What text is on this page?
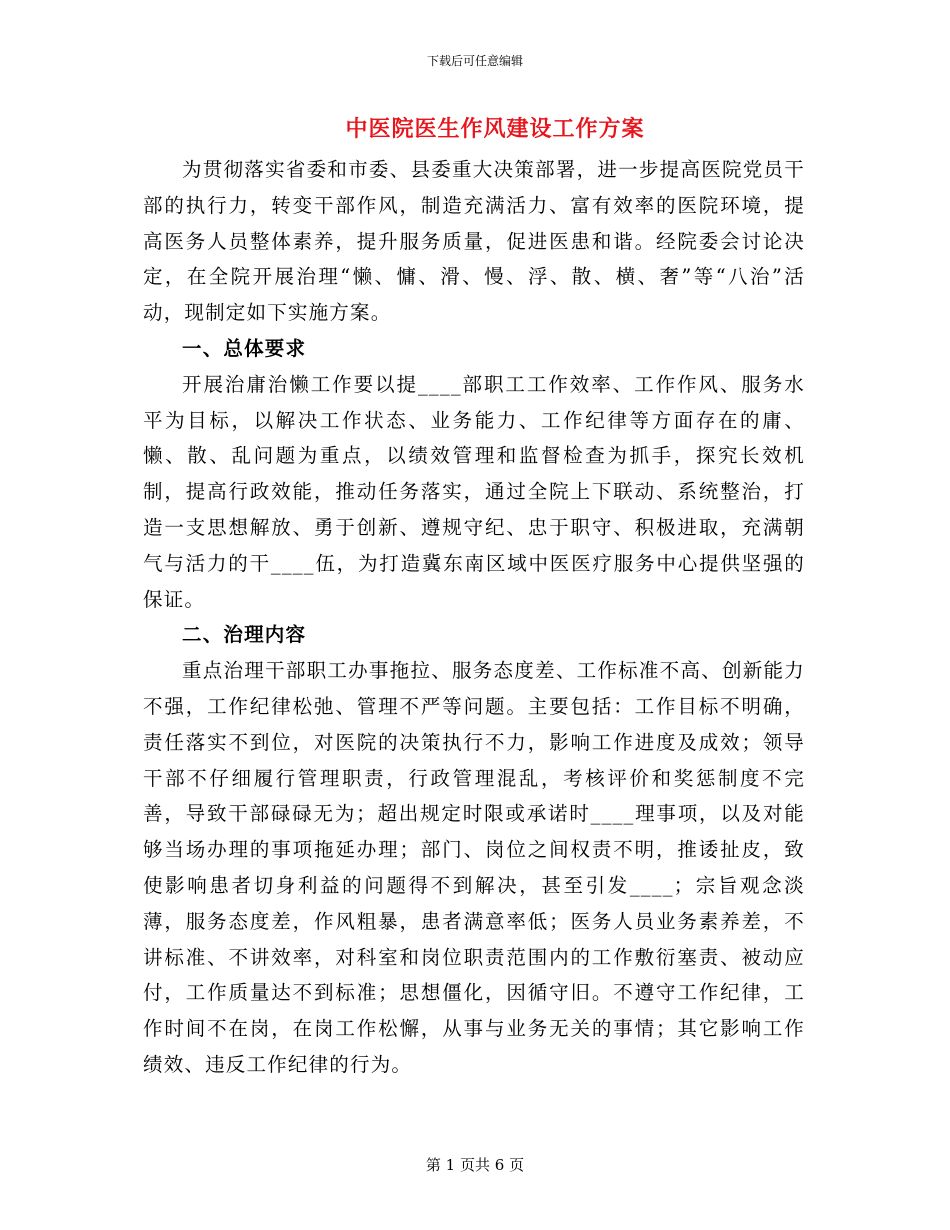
下载后可任意编辑
中医院医生作风建设工作方案

为贯彻落实省委和市委、县委重大决策部署，进一步提高医院党员干部的执行力，转变干部作风，制造充满活力、富有效率的医院环境，提高医务人员整体素养，提升服务质量，促进医患和谐。经院委会讨论决定，在全院开展治理“懒、慵、滑、慢、浮、散、横、奢”等“八治”活动，现制定如下实施方案。

一、总体要求

开展治庸治懒工作要以提____部职工工作效率、工作作风、服务水平为目标，以解决工作状态、业务能力、工作纪律等方面存在的庸、懒、散、乱问题为重点，以绩效管理和监督检查为抓手，探究长效机制，提高行政效能，推动任务落实，通过全院上下联动、系统整治，打造一支思想解放、勇于创新、遵规守纪、忠于职守、积极进取，充满朝气与活力的干____伍，为打造冀东南区域中医医疗服务中心提供坚强的保证。

二、治理内容

重点治理干部职工办事拖拉、服务态度差、工作标准不高、创新能力不强，工作纪律松弛、管理不严等问题。主要包括：工作目标不明确，责任落实不到位，对医院的决策执行不力，影响工作进度及成效；领导干部不仔细履行管理职责，行政管理混乱，考核评价和奖惩制度不完善，导致干部碌碌无为；超出规定时限或承诺时____理事项，以及对能够当场办理的事项拖延办理；部门、岗位之间权责不明，推诿扯皮，致使影响患者切身利益的问题得不到解决，甚至引发____；宗旨观念淡薄，服务态度差，作风粗暴，患者满意率低；医务人员业务素养差，不讲标准、不讲效率，对科室和岗位职责范围内的工作敷衍塞责、被动应付，工作质量达不到标准；思想僵化，因循守旧。不遵守工作纪律，工作时间不在岗，在岗工作松懈，从事与业务无关的事情；其它影响工作绩效、违反工作纪律的行为。

第 1 页共 6 页
